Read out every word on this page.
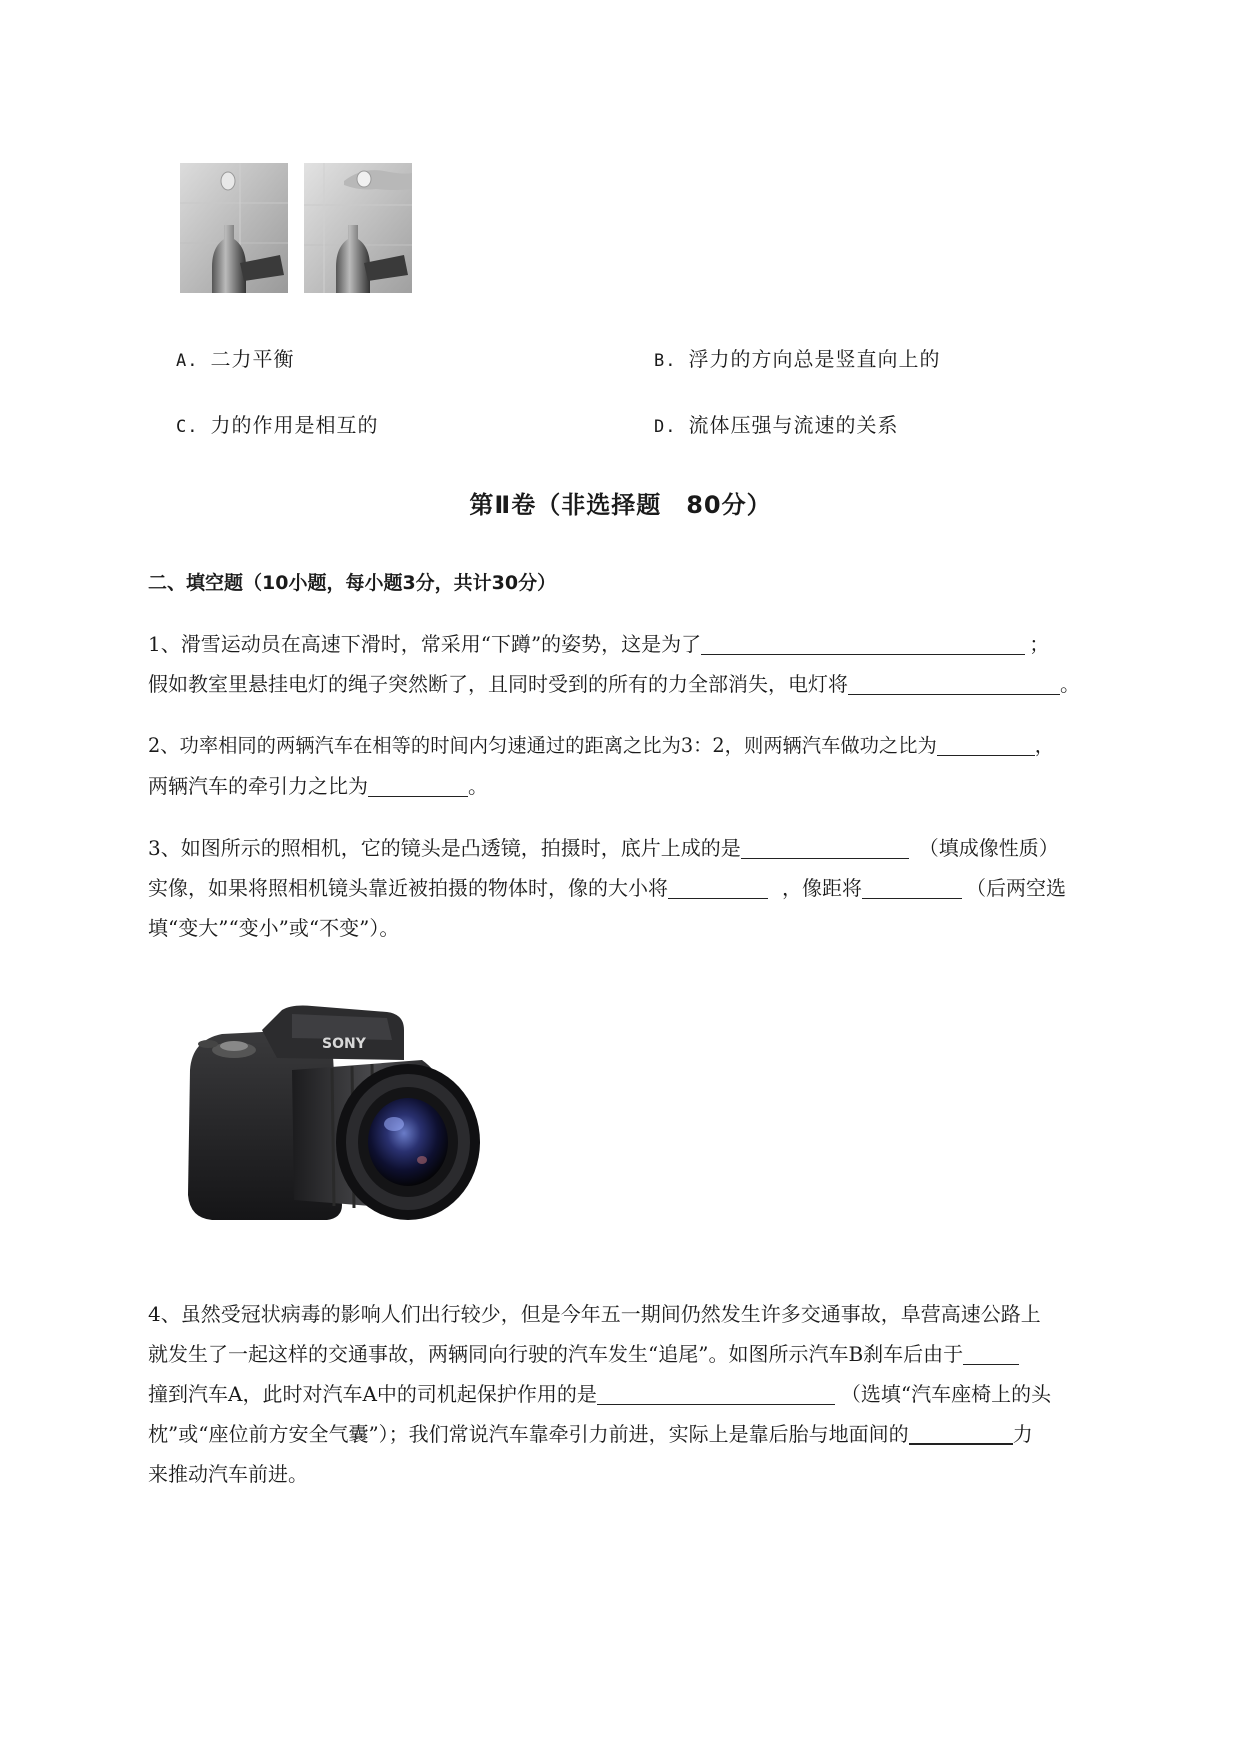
A. 二力平衡	B. 浮力的方向总是竖直向上的
C. 力的作用是相互的	D. 流体压强与流速的关系
第Ⅱ卷（非选择题　80分）
二、填空题（10小题，每小题3分，共计30分）
1、滑雪运动员在高速下滑时，常采用“下蹲”的姿势，这是为了	；
假如教室里悬挂电灯的绳子突然断了，且同时受到的所有的力全部消失，电灯将	。
2、功率相同的两辆汽车在相等的时间内匀速通过的距离之比为3：2，则两辆汽车做功之比为	，
两辆汽车的牵引力之比为	。
3、如图所示的照相机，它的镜头是凸透镜，拍摄时，底片上成的是	（填成像性质）
实像，如果将照相机镜头靠近被拍摄的物体时，像的大小将	，像距将	（后两空选
填“变大”“变小”或“不变”）。
SONY
4、虽然受冠状病毒的影响人们出行较少，但是今年五一期间仍然发生许多交通事故，阜营高速公路上
就发生了一起这样的交通事故，两辆同向行驶的汽车发生“追尾”。如图所示汽车B刹车后由于
撞到汽车A，此时对汽车A中的司机起保护作用的是	（选填“汽车座椅上的头
枕”或“座位前方安全气囊”）；我们常说汽车靠牵引力前进，实际上是靠后胎与地面间的	力
来推动汽车前进。
